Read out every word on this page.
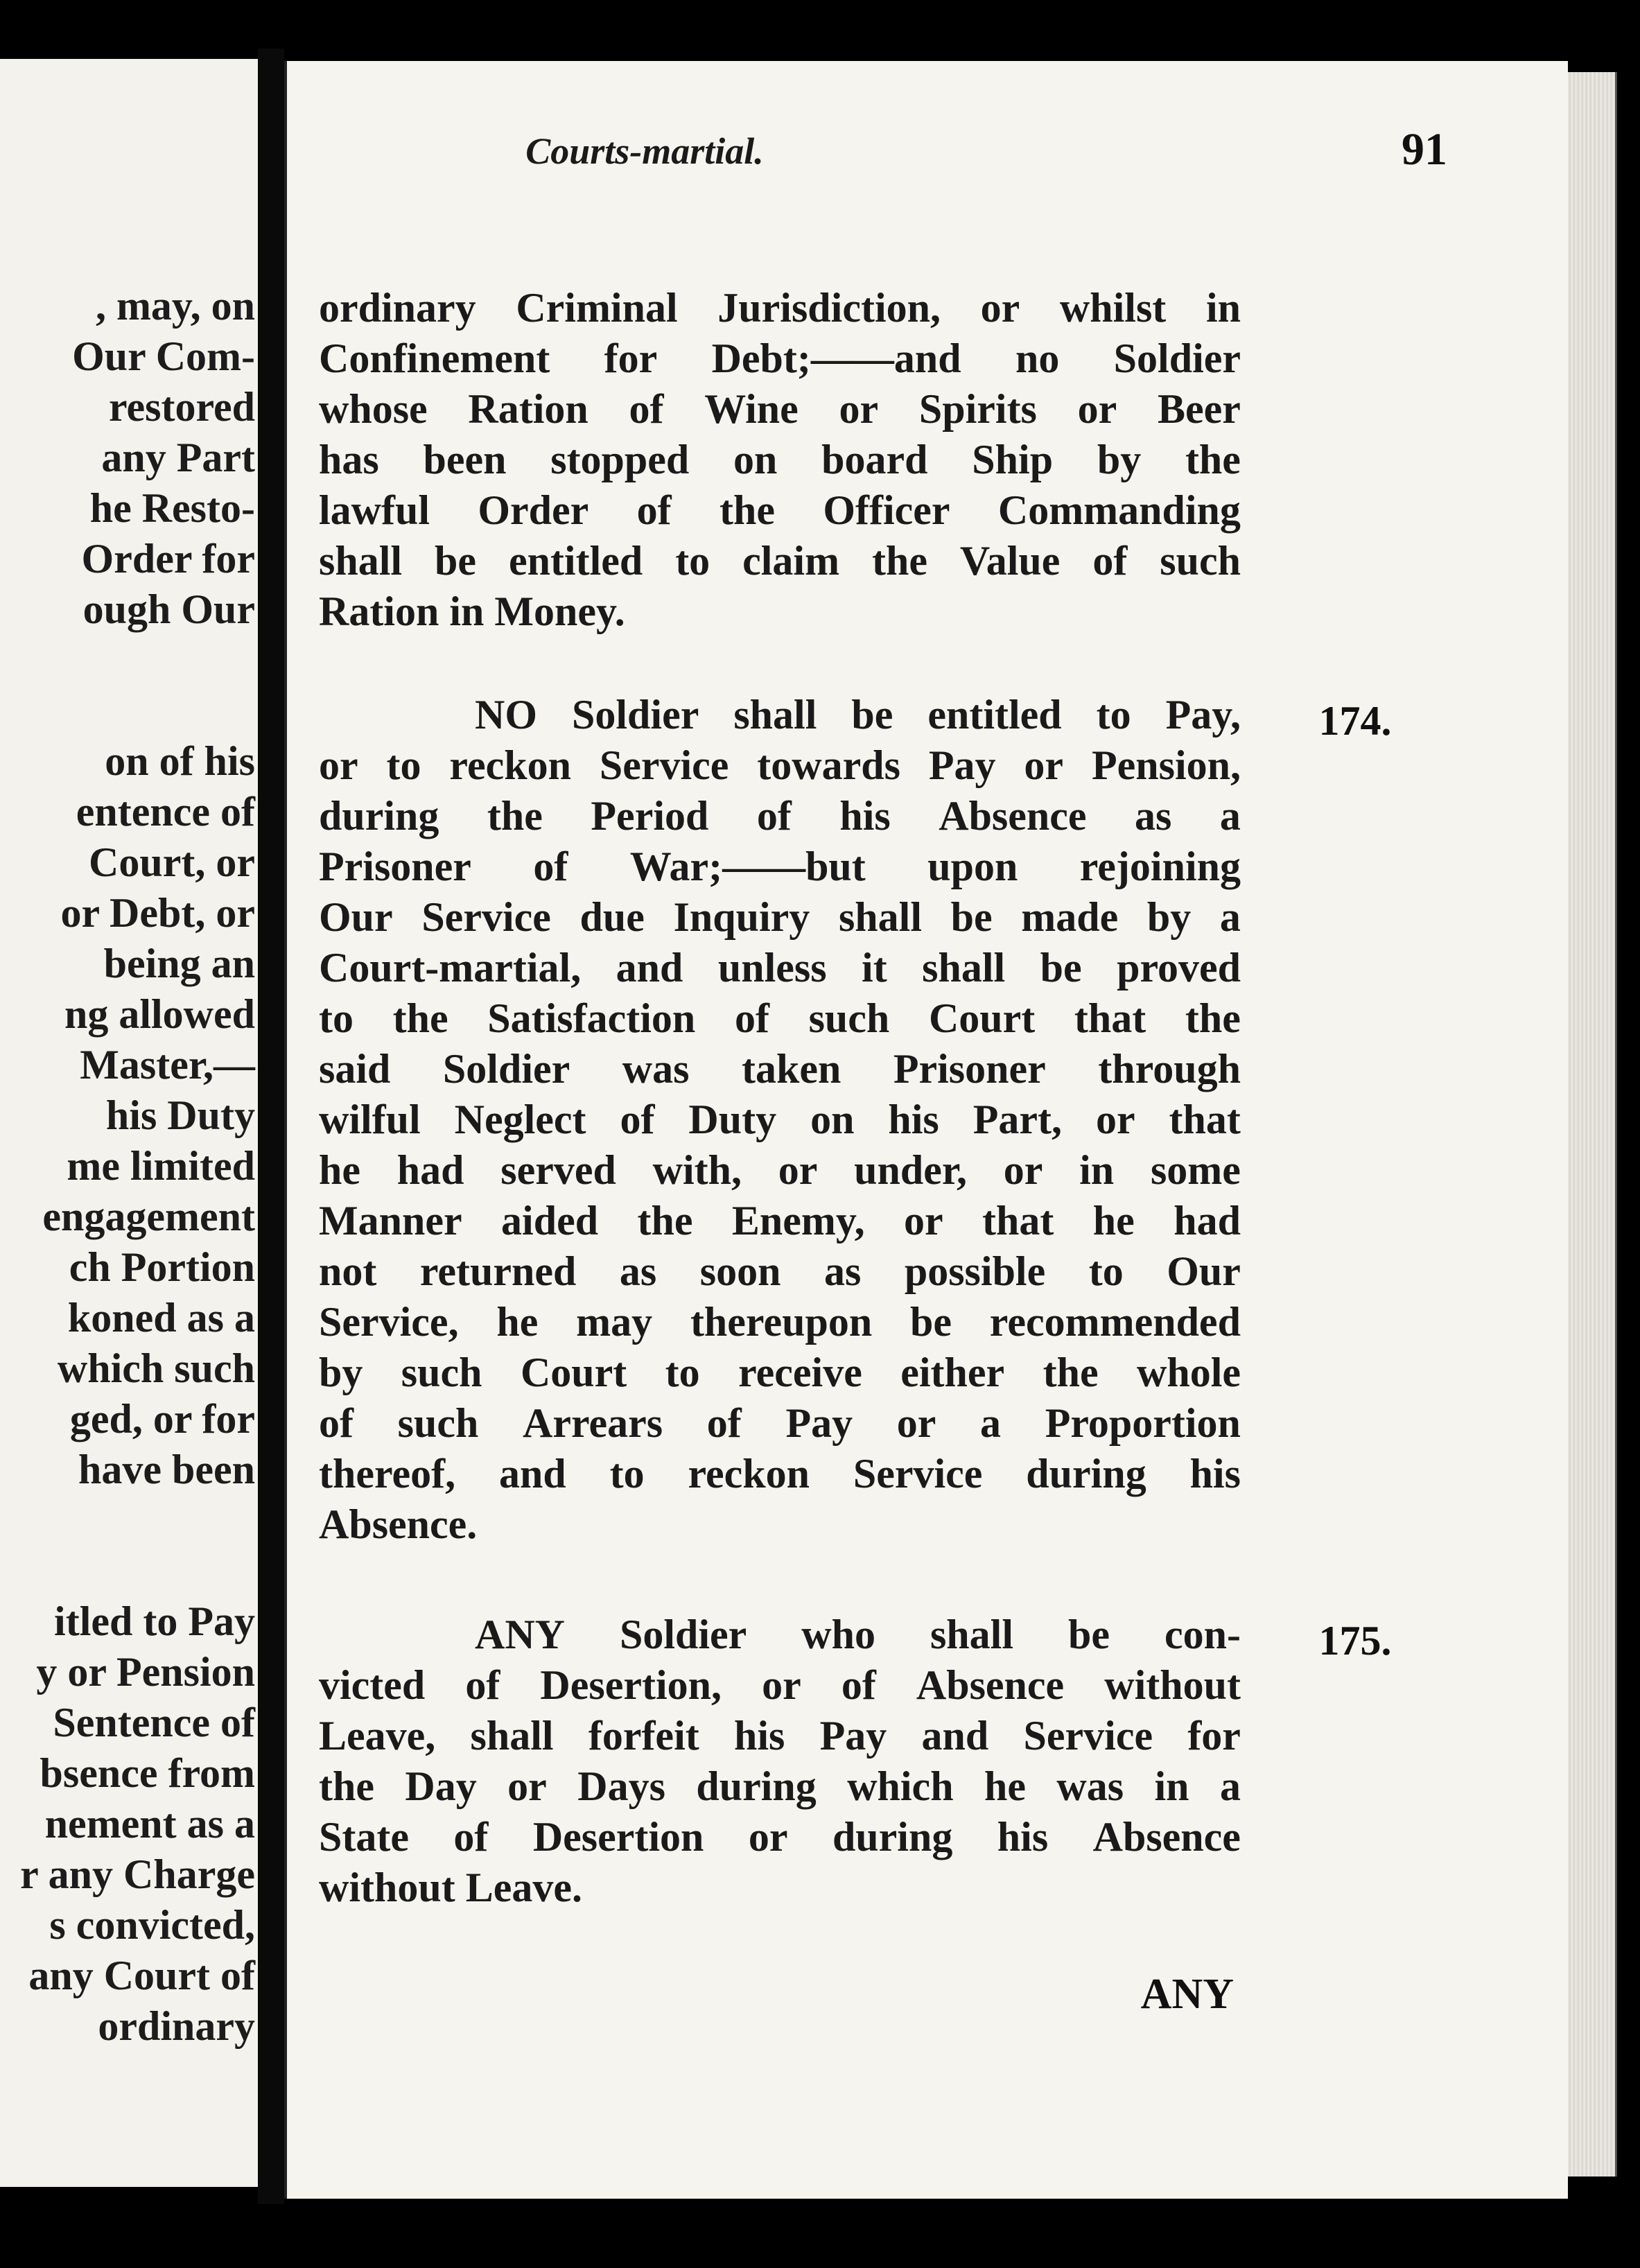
, may, on
Our Com-
restored
any Part
he Resto-
Order for
ough Our
on of his
entence of
Court, or
or Debt, or
being an
ng allowed
Master,—
his Duty
me limited
engagement
ch Portion
koned as a
which such
ged, or for
have been
itled to Pay
y or Pension
Sentence of
bsence from
nement as a
r any Charge
s convicted,
any Court of
ordinary
Courts-martial.	91
ordinary Criminal Jurisdiction, or whilst in
Confinement for Debt;——and no Soldier
whose Ration of Wine or Spirits or Beer
has been stopped on board Ship by the
lawful Order of the Officer Commanding
shall be entitled to claim the Value of such
Ration in Money.
NO Soldier shall be entitled to Pay,
or to reckon Service towards Pay or Pension,
during the Period of his Absence as a
Prisoner of War;——but upon rejoining
Our Service due Inquiry shall be made by a
Court-martial, and unless it shall be proved
to the Satisfaction of such Court that the
said Soldier was taken Prisoner through
wilful Neglect of Duty on his Part, or that
he had served with, or under, or in some
Manner aided the Enemy, or that he had
not returned as soon as possible to Our
Service, he may thereupon be recommended
by such Court to receive either the whole
of such Arrears of Pay or a Proportion
thereof, and to reckon Service during his
Absence.
174.
ANY Soldier who shall be con-
victed of Desertion, or of Absence without
Leave, shall forfeit his Pay and Service for
the Day or Days during which he was in a
State of Desertion or during his Absence
without Leave.
175.
ANY
